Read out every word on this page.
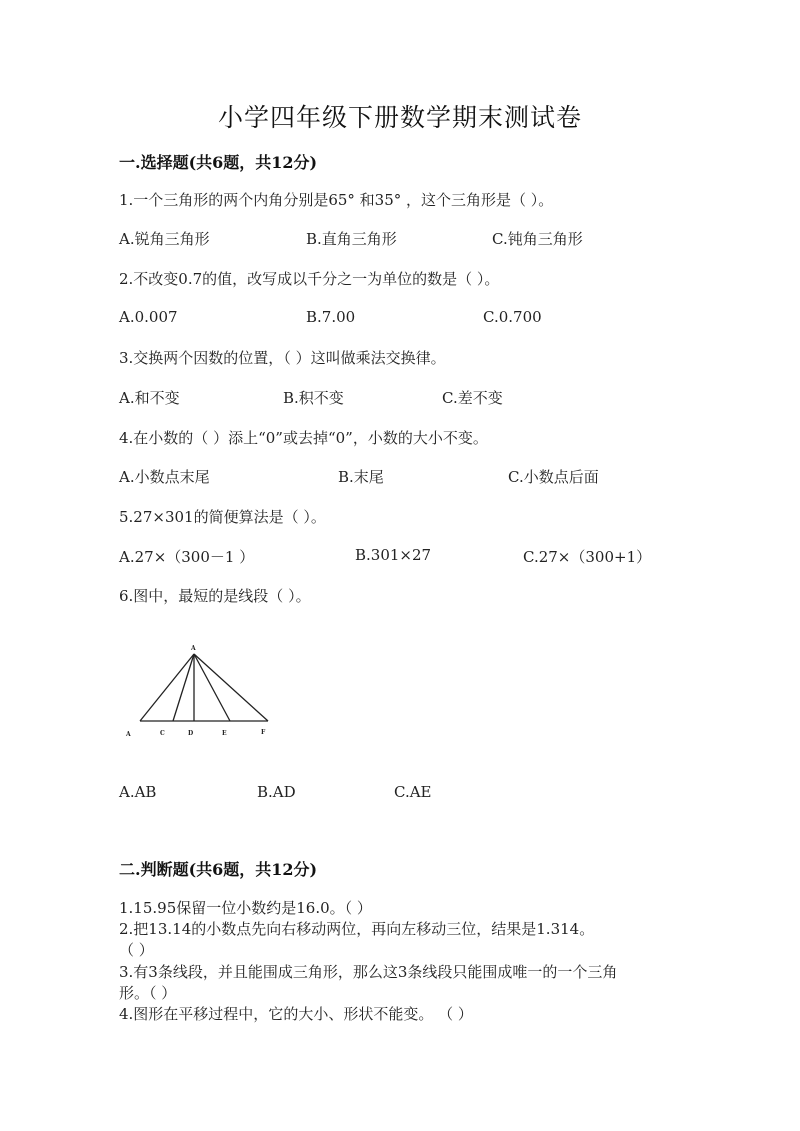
小学四年级下册数学期末测试卷
一.选择题(共6题，共12分)
1.一个三角形的两个内角分别是65° 和35° ，这个三角形是（ ）。
A.锐角三角形	B.直角三角形	C.钝角三角形
2.不改变0.7的值，改写成以千分之一为单位的数是（ ）。
A.0.007	B.7.00	C.0.700
3.交换两个因数的位置，（ ）这叫做乘法交换律。
A.和不变	B.积不变	C.差不变
4.在小数的（ ）添上“0”或去掉“0”，小数的大小不变。
A.小数点末尾	B.末尾	C.小数点后面
5.27×301的简便算法是（ ）。
A.27×（300－1 ）	B.301×27	C.27×（300+1）
6.图中，最短的是线段（ ）。
A
A	C	D	E	F
A.AB	B.AD	C.AE
二.判断题(共6题，共12分)
1.15.95保留一位小数约是16.0。（ ）
2.把13.14的小数点先向右移动两位，再向左移动三位，结果是1.314。
（ ）
3.有3条线段，并且能围成三角形，那么这3条线段只能围成唯一的一个三角
形。（ ）
4.图形在平移过程中，它的大小、形状不能变。 （ ）
